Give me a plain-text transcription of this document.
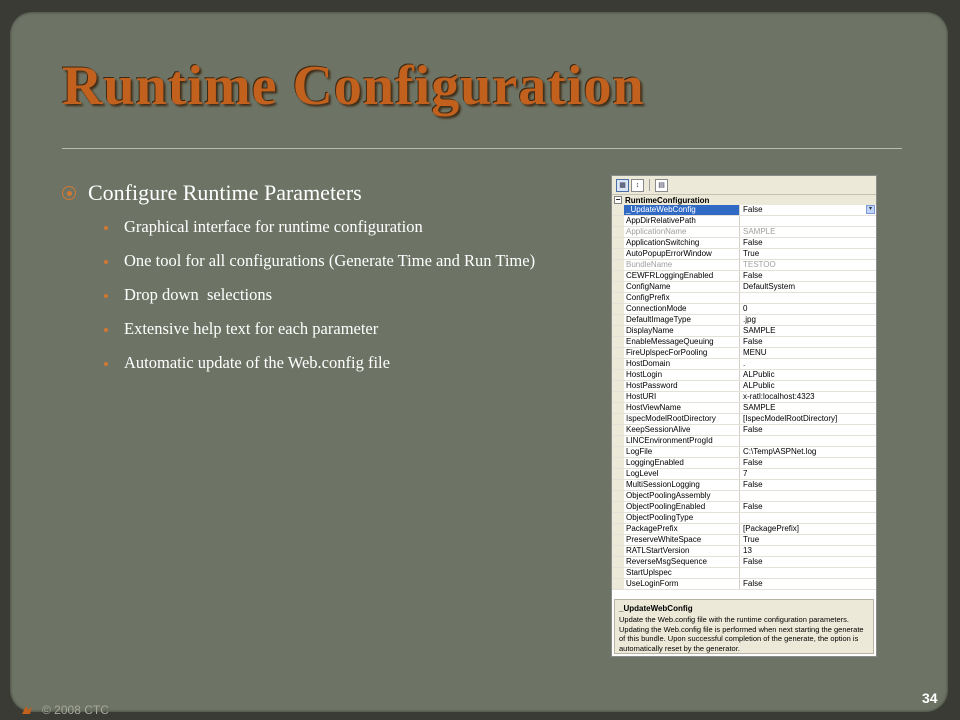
Runtime Configuration
Configure Runtime Parameters
Graphical interface for runtime configuration
One tool for all configurations (Generate Time and Run Time)
Drop down  selections
Extensive help text for each parameter
Automatic update of the Web.config file
▦	↕	▤
− RuntimeConfiguration
_UpdateWebConfig	False	▾
AppDirRelativePath
ApplicationName	SAMPLE
ApplicationSwitching	False
AutoPopupErrorWindow	True
BundleName	TESTOO
CEWFRLoggingEnabled	False
ConfigName	DefaultSystem
ConfigPrefix
ConnectionMode	0
DefaultImageType	.jpg
DisplayName	SAMPLE
EnableMessageQueuing	False
FireUplspecForPooling	MENU
HostDomain	.
HostLogin	ALPublic
HostPassword	ALPublic
HostURI	x-ratl:localhost:4323
HostViewName	SAMPLE
IspecModelRootDirectory	[IspecModelRootDirectory]
KeepSessionAlive	False
LINCEnvironmentProgId
LogFile	C:\Temp\ASPNet.log
LoggingEnabled	False
LogLevel	7
MultiSessionLogging	False
ObjectPoolingAssembly
ObjectPoolingEnabled	False
ObjectPoolingType
PackagePrefix	[PackagePrefix]
PreserveWhiteSpace	True
RATLStartVersion	13
ReverseMsgSequence	False
StartUplspec
UseLoginForm	False
_UpdateWebConfig
Update the Web.config file with the runtime configuration parameters. Updating the Web.config file is performed when next starting the generate of this bundle. Upon successful completion of the generate, the option is automatically reset by the generator.
© 2008 CTC
34
